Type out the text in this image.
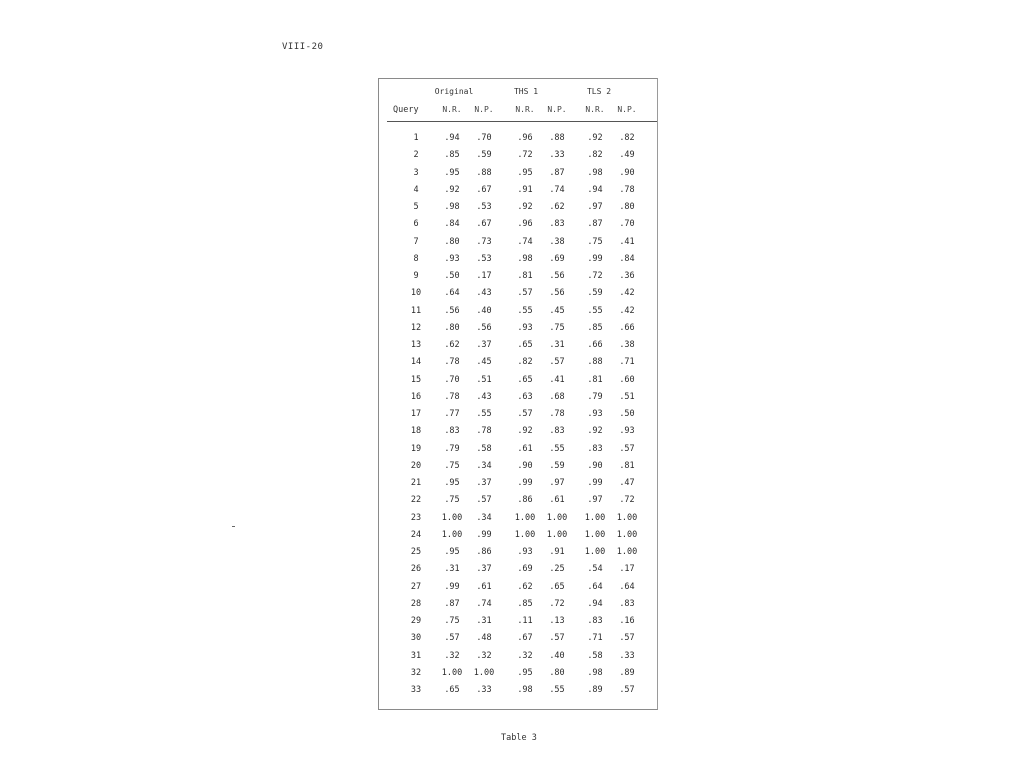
VIII-20
Original	THS 1	TLS 2
Query	N.R.	N.P.	N.R.	N.P.	N.R.	N.P.
1	.94	.70	.96	.88	.92	.82
2	.85	.59	.72	.33	.82	.49
3	.95	.88	.95	.87	.98	.90
4	.92	.67	.91	.74	.94	.78
5	.98	.53	.92	.62	.97	.80
6	.84	.67	.96	.83	.87	.70
7	.80	.73	.74	.38	.75	.41
8	.93	.53	.98	.69	.99	.84
9	.50	.17	.81	.56	.72	.36
10	.64	.43	.57	.56	.59	.42
11	.56	.40	.55	.45	.55	.42
12	.80	.56	.93	.75	.85	.66
13	.62	.37	.65	.31	.66	.38
14	.78	.45	.82	.57	.88	.71
15	.70	.51	.65	.41	.81	.60
16	.78	.43	.63	.68	.79	.51
17	.77	.55	.57	.78	.93	.50
18	.83	.78	.92	.83	.92	.93
19	.79	.58	.61	.55	.83	.57
20	.75	.34	.90	.59	.90	.81
21	.95	.37	.99	.97	.99	.47
22	.75	.57	.86	.61	.97	.72
23	1.00	.34	1.00	1.00	1.00	1.00
24	1.00	.99	1.00	1.00	1.00	1.00
25	.95	.86	.93	.91	1.00	1.00
26	.31	.37	.69	.25	.54	.17
27	.99	.61	.62	.65	.64	.64
28	.87	.74	.85	.72	.94	.83
29	.75	.31	.11	.13	.83	.16
30	.57	.48	.67	.57	.71	.57
31	.32	.32	.32	.40	.58	.33
32	1.00	1.00	.95	.80	.98	.89
33	.65	.33	.98	.55	.89	.57
Table 3
